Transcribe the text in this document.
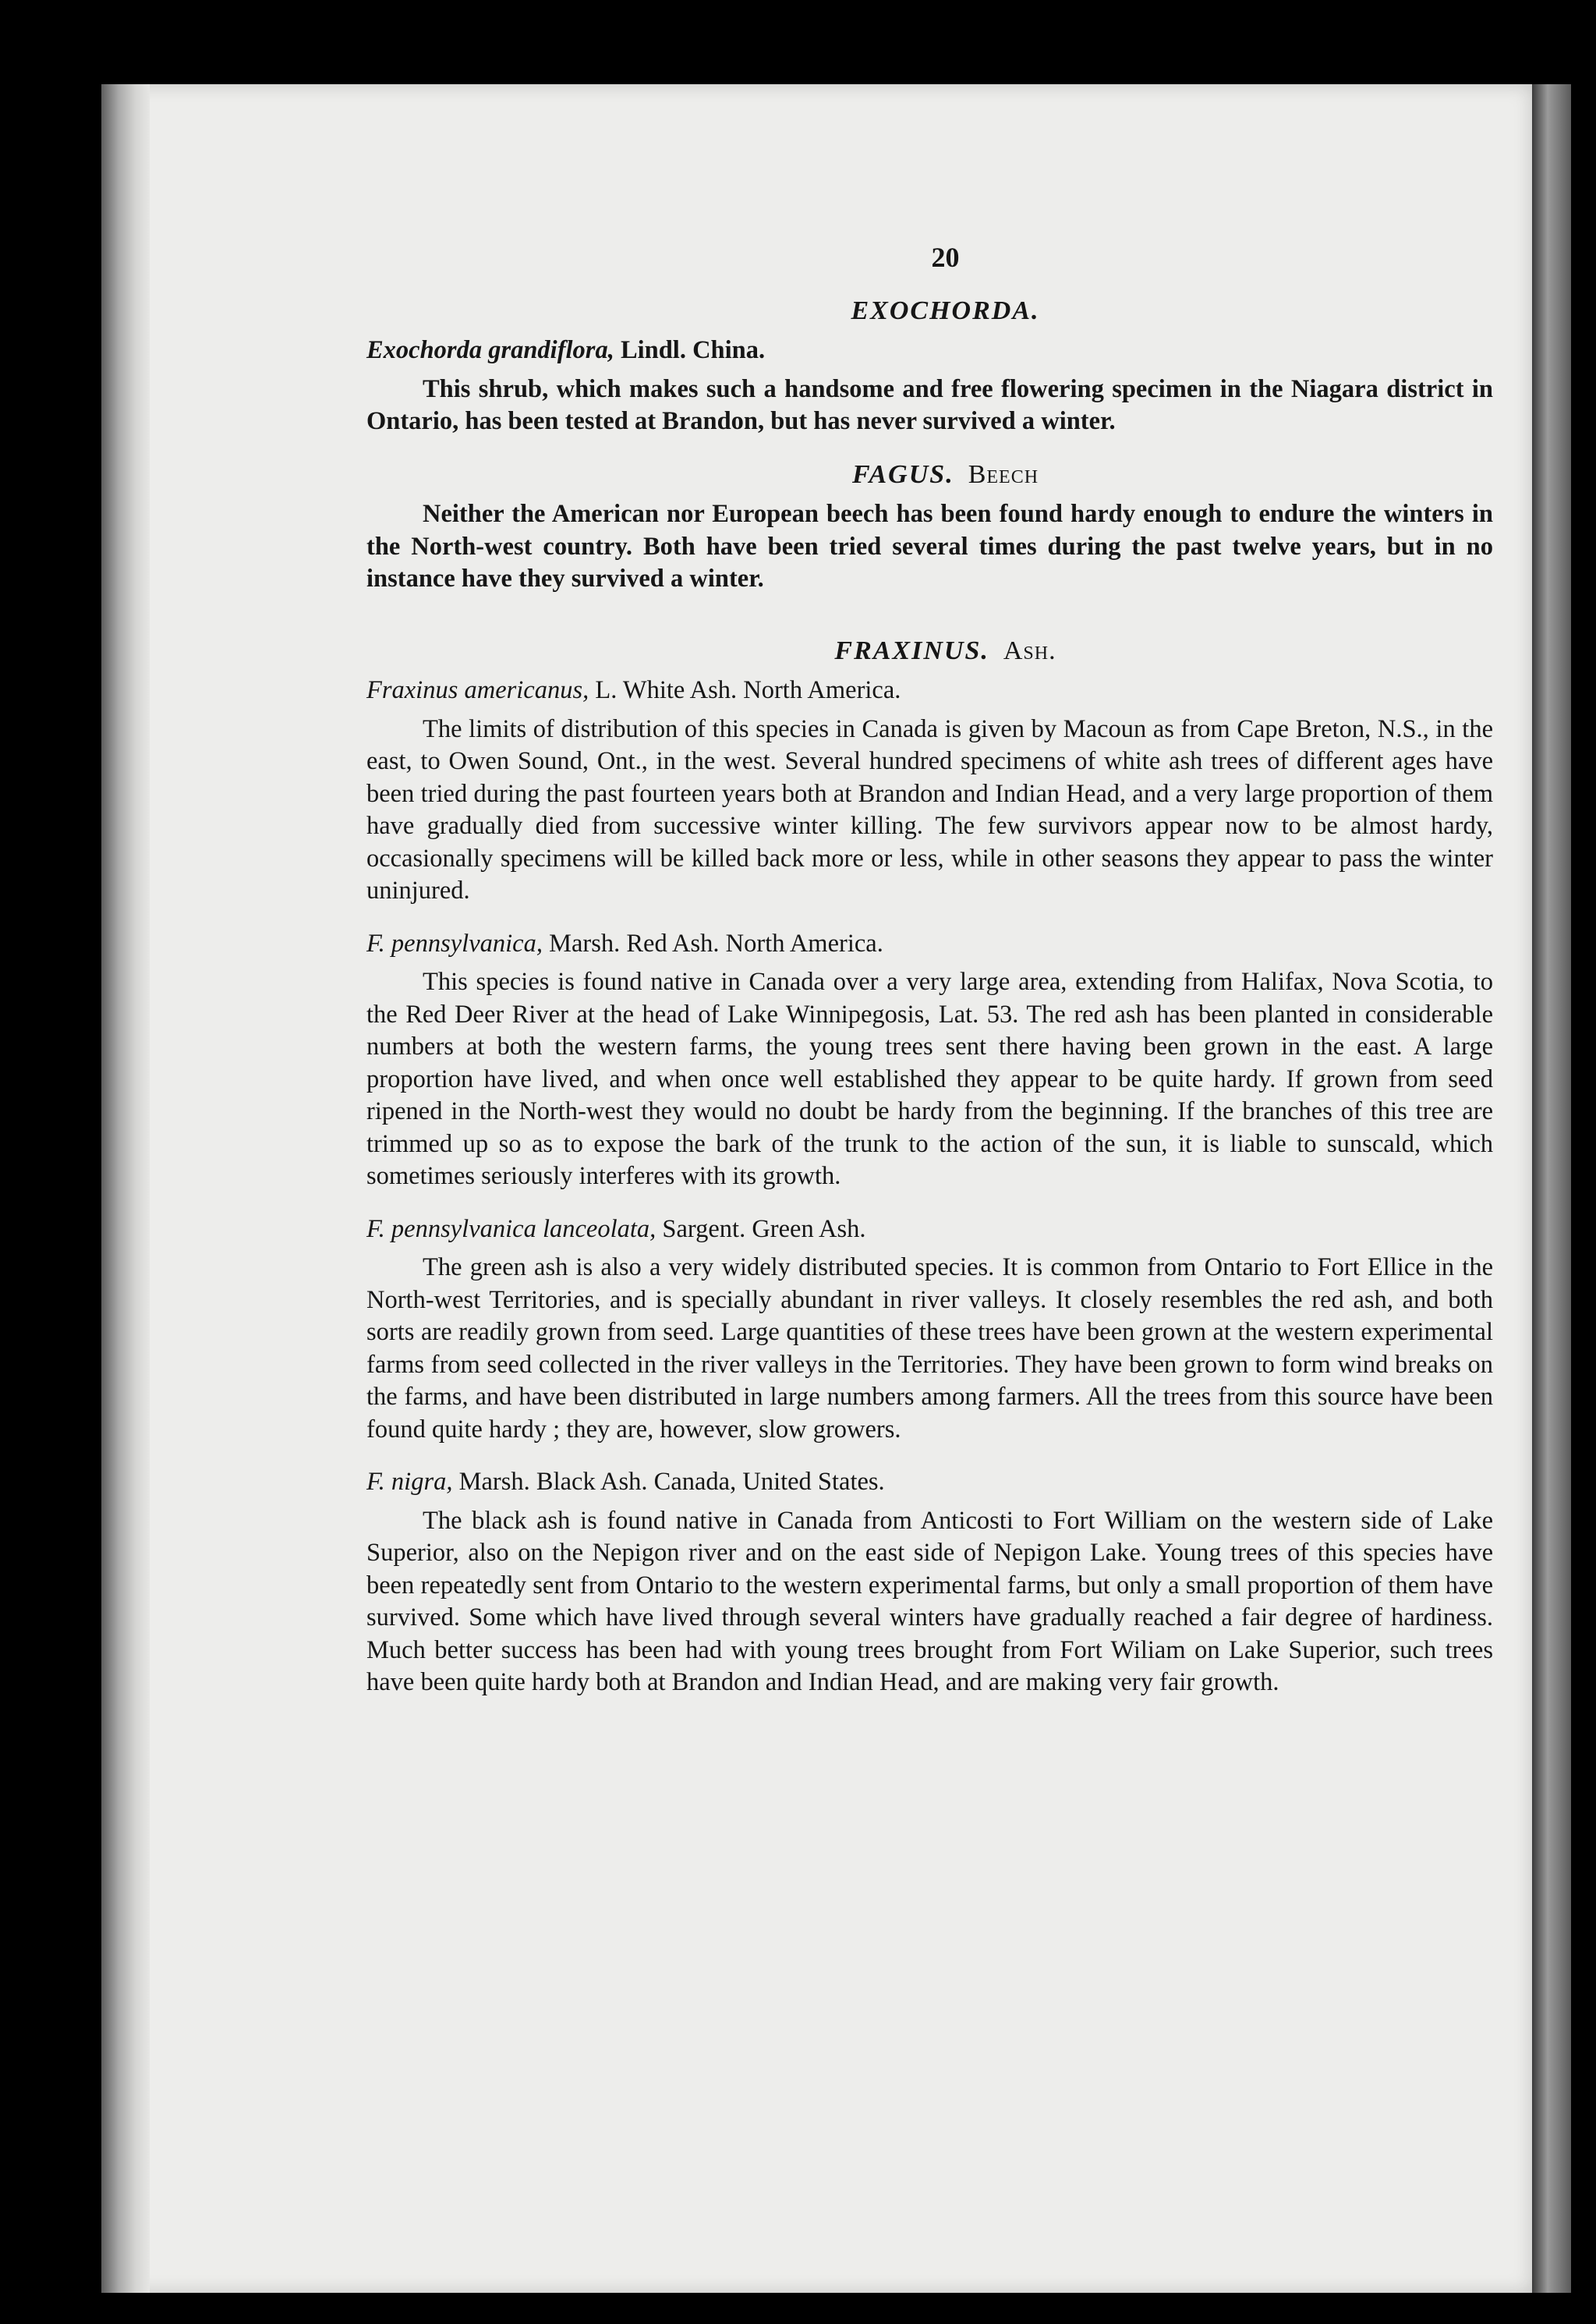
20
EXOCHORDA.
Exochorda grandiflora, Lindl. China.

This shrub, which makes such a handsome and free flowering specimen in the Niagara district in Ontario, has been tested at Brandon, but has never survived a winter.

FAGUS. Beech

Neither the American nor European beech has been found hardy enough to endure the winters in the North-west country. Both have been tried several times during the past twelve years, but in no instance have they survived a winter.

FRAXINUS. Ash.
Fraxinus americanus, L. White Ash. North America.

The limits of distribution of this species in Canada is given by Macoun as from Cape Breton, N.S., in the east, to Owen Sound, Ont., in the west. Several hundred specimens of white ash trees of different ages have been tried during the past fourteen years both at Brandon and Indian Head, and a very large proportion of them have gradually died from successive winter killing. The few survivors appear now to be almost hardy, occasionally specimens will be killed back more or less, while in other seasons they appear to pass the winter uninjured.

F. pennsylvanica, Marsh. Red Ash. North America.

This species is found native in Canada over a very large area, extending from Halifax, Nova Scotia, to the Red Deer River at the head of Lake Winnipegosis, Lat. 53. The red ash has been planted in considerable numbers at both the western farms, the young trees sent there having been grown in the east. A large proportion have lived, and when once well established they appear to be quite hardy. If grown from seed ripened in the North-west they would no doubt be hardy from the beginning. If the branches of this tree are trimmed up so as to expose the bark of the trunk to the action of the sun, it is liable to sunscald, which sometimes seriously interferes with its growth.

F. pennsylvanica lanceolata, Sargent. Green Ash.

The green ash is also a very widely distributed species. It is common from Ontario to Fort Ellice in the North-west Territories, and is specially abundant in river valleys. It closely resembles the red ash, and both sorts are readily grown from seed. Large quantities of these trees have been grown at the western experimental farms from seed collected in the river valleys in the Territories. They have been grown to form wind breaks on the farms, and have been distributed in large numbers among farmers. All the trees from this source have been found quite hardy ; they are, however, slow growers.

F. nigra, Marsh. Black Ash. Canada, United States.

The black ash is found native in Canada from Anticosti to Fort William on the western side of Lake Superior, also on the Nepigon river and on the east side of Nepigon Lake. Young trees of this species have been repeatedly sent from Ontario to the western experimental farms, but only a small proportion of them have survived. Some which have lived through several winters have gradually reached a fair degree of hardiness. Much better success has been had with young trees brought from Fort Wiliam on Lake Superior, such trees have been quite hardy both at Brandon and Indian Head, and are making very fair growth.
